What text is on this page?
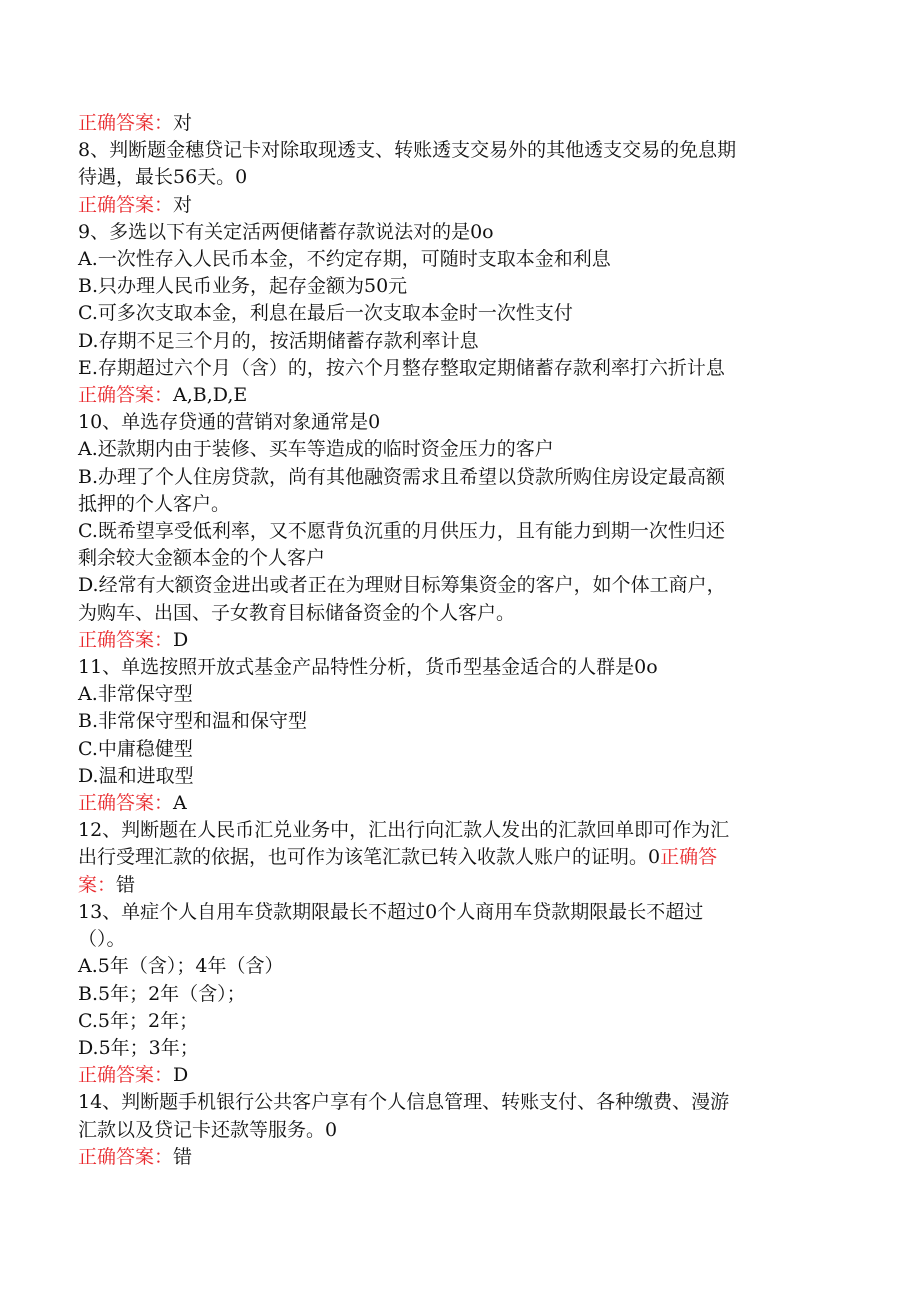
正确答案：对
8、判断题金穗贷记卡对除取现透支、转账透支交易外的其他透支交易的免息期
待遇，最长56天。0
正确答案：对
9、多选以下有关定活两便储蓄存款说法对的是0o
A.一次性存入人民币本金，不约定存期，可随时支取本金和利息
B.只办理人民币业务，起存金额为50元
C.可多次支取本金，利息在最后一次支取本金时一次性支付
D.存期不足三个月的，按活期储蓄存款利率计息
E.存期超过六个月（含）的，按六个月整存整取定期储蓄存款利率打六折计息
正确答案：A,B,D,E
10、单选存贷通的营销对象通常是0
A.还款期内由于装修、买车等造成的临时资金压力的客户
B.办理了个人住房贷款，尚有其他融资需求且希望以贷款所购住房设定最高额
抵押的个人客户。
C.既希望享受低利率，又不愿背负沉重的月供压力，且有能力到期一次性归还
剩余较大金额本金的个人客户
D.经常有大额资金进出或者正在为理财目标筹集资金的客户，如个体工商户，
为购车、出国、子女教育目标储备资金的个人客户。
正确答案：D
11、单选按照开放式基金产品特性分析，货币型基金适合的人群是0o
A.非常保守型
B.非常保守型和温和保守型
C.中庸稳健型
D.温和进取型
正确答案：A
12、判断题在人民币汇兑业务中，汇出行向汇款人发出的汇款回单即可作为汇
出行受理汇款的依据，也可作为该笔汇款已转入收款人账户的证明。0正确答
案：错
13、单症个人自用车贷款期限最长不超过0个人商用车贷款期限最长不超过
（）。
A.5年（含）；4年（含）
B.5年；2年（含）；
C.5年；2年；
D.5年；3年；
正确答案：D
14、判断题手机银行公共客户享有个人信息管理、转账支付、各种缴费、漫游
汇款以及贷记卡还款等服务。0
正确答案：错
